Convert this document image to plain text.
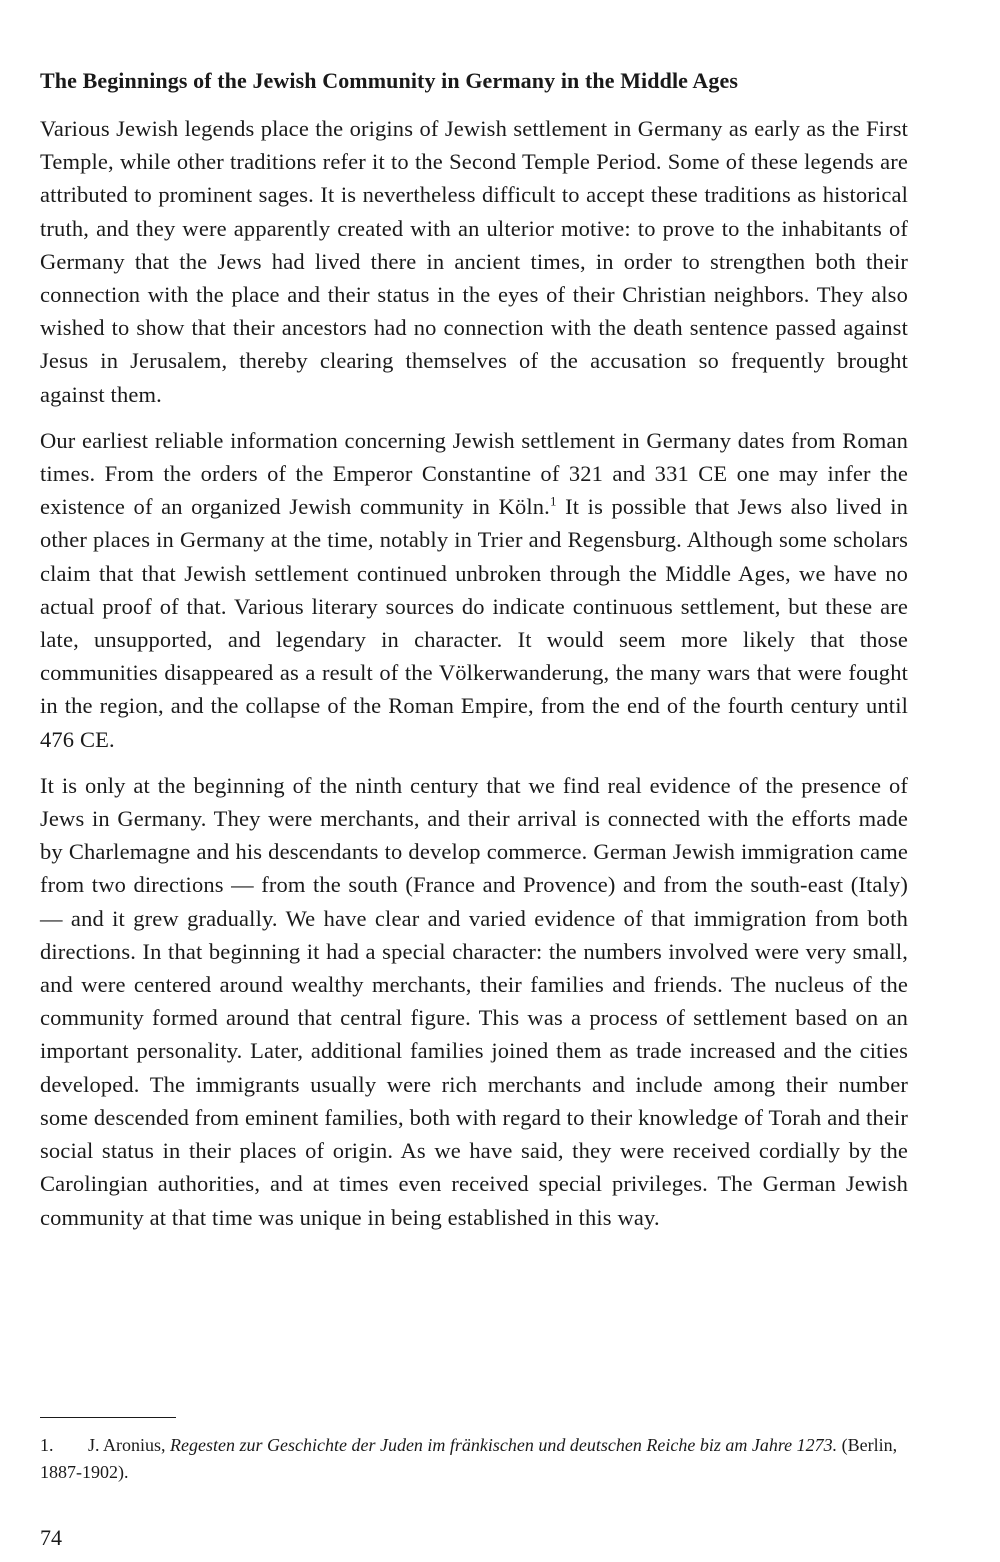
The Beginnings of the Jewish Community in Germany in the Middle Ages

Various Jewish legends place the origins of Jewish settlement in Germany as early as the First Temple, while other traditions refer it to the Second Temple Period. Some of these legends are attributed to prominent sages. It is nevertheless difficult to accept these traditions as historical truth, and they were apparently created with an ulterior motive: to prove to the inhabitants of Germany that the Jews had lived there in ancient times, in order to strengthen both their connection with the place and their status in the eyes of their Christian neighbors. They also wished to show that their ancestors had no connection with the death sentence passed against Jesus in Jerusalem, thereby clearing themselves of the accusation so frequently brought against them.

Our earliest reliable information concerning Jewish settlement in Germany dates from Roman times. From the orders of the Emperor Constantine of 321 and 331 CE one may infer the existence of an organized Jewish community in Köln.$^1$ It is possible that Jews also lived in other places in Germany at the time, notably in Trier and Regensburg. Although some scholars claim that that Jewish settlement continued unbroken through the Middle Ages, we have no actual proof of that. Various literary sources do indicate continuous settlement, but these are late, unsupported, and legendary in character. It would seem more likely that those communities disappeared as a result of the Völkerwanderung, the many wars that were fought in the region, and the collapse of the Roman Empire, from the end of the fourth century until 476 CE.

It is only at the beginning of the ninth century that we find real evidence of the presence of Jews in Germany. They were merchants, and their arrival is connected with the efforts made by Charlemagne and his descendants to develop commerce. German Jewish immigration came from two directions — from the south (France and Provence) and from the south-east (Italy) — and it grew gradually. We have clear and varied evidence of that immigration from both directions. In that beginning it had a special character: the numbers involved were very small, and were centered around wealthy merchants, their families and friends. The nucleus of the community formed around that central figure. This was a process of settlement based on an important personality. Later, additional families joined them as trade increased and the cities developed. The immigrants usually were rich merchants and include among their number some descended from eminent families, both with regard to their knowledge of Torah and their social status in their places of origin. As we have said, they were received cordially by the Carolingian authorities, and at times even received special privileges. The German Jewish community at that time was unique in being established in this way.

1. J. Aronius, Regesten zur Geschichte der Juden im fränkischen und deutschen Reiche biz am Jahre 1273. (Berlin, 1887-1902).
74
